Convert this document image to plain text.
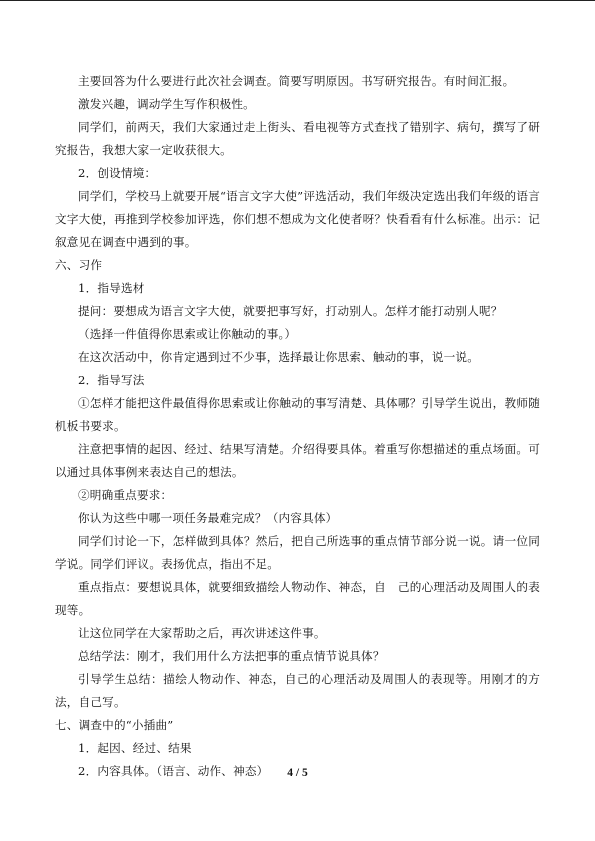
主要回答为什么要进行此次社会调查。简要写明原因。书写研究报告。有时间汇报。

激发兴趣，调动学生写作积极性。

同学们，前两天，我们大家通过走上街头、看电视等方式查找了错别字、病句，撰写了研究报告，我想大家一定收获很大。

2．创设情境：

同学们，学校马上就要开展“语言文字大使”评选活动，我们年级决定选出我们年级的语言文字大使，再推到学校参加评选，你们想不想成为文化使者呀？快看看有什么标准。出示：记叙意见在调查中遇到的事。

六、习作

1．指导选材

提问：要想成为语言文字大使，就要把事写好，打动别人。怎样才能打动别人呢？

（选择一件值得你思索或让你触动的事。）

在这次活动中，你肯定遇到过不少事，选择最让你思索、触动的事，说一说。

2．指导写法

①怎样才能把这件最值得你思索或让你触动的事写清楚、具体哪？引导学生说出，教师随机板书要求。

注意把事情的起因、经过、结果写清楚。介绍得要具体。着重写你想描述的重点场面。可以通过具体事例来表达自己的想法。

②明确重点要求：

你认为这些中哪一项任务最难完成？（内容具体）

同学们讨论一下，怎样做到具体？然后，把自己所选事的重点情节部分说一说。请一位同学说。同学们评议。表扬优点，指出不足。

重点指点：要想说具体，就要细致描绘人物动作、神态，自　己的心理活动及周围人的表现等。

让这位同学在大家帮助之后，再次讲述这件事。

总结学法：刚才，我们用什么方法把事的重点情节说具体？

引导学生总结：描绘人物动作、神态，自己的心理活动及周围人的表现等。用刚才的方法，自己写。

七、调查中的“小插曲”

1．起因、经过、结果

2．内容具体。（语言、动作、神态）	4 / 5
